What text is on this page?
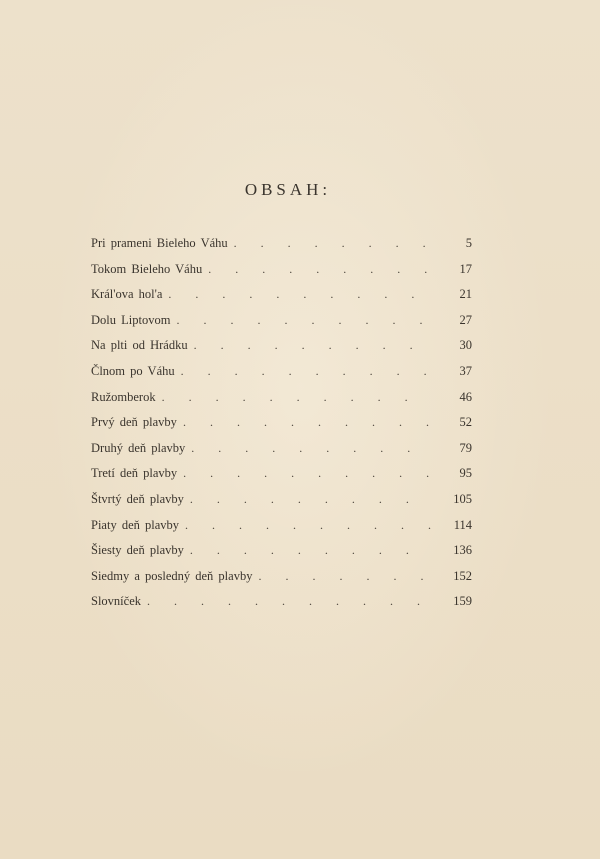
OBSAH:
Pri prameni Bieleho Váhu .	5
Tokom Bieleho Váhu .	17
Král'ova hol'a .	21
Dolu Liptovom .	27
Na plti od Hrádku .	30
Člnom po Váhu .	37
Ružomberok .	46
Prvý deň plavby .	52
Druhý deň plavby .	79
Tretí deň plavby .	95
Štvrtý deň plavby .	105
Piaty deň plavby .	114
Šiesty deň plavby .	136
Siedmy a posledný deň plavby .	152
Slovníček .	159
